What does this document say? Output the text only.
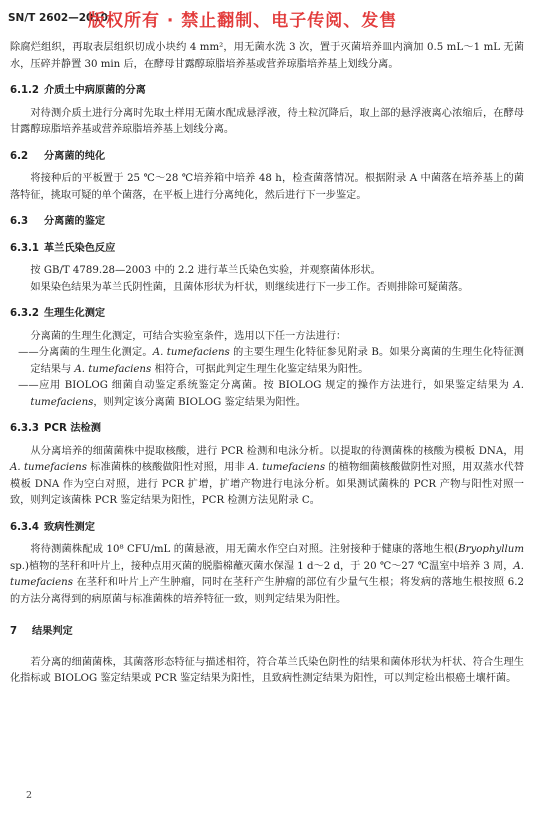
SN/T 2602—2010
版权所有 · 禁止翻制、电子传阅、发售

除腐烂组织，再取表层组织切成小块约 4 mm²，用无菌水洗 3 次，置于灭菌培养皿内滴加 0.5 mL～1 mL 无菌水，压碎并静置 30 min 后，在酵母甘露醇琼脂培养基或营养琼脂培养基上划线分离。

6.1.2 介质土中病原菌的分离

对待测介质土进行分离时先取土样用无菌水配成悬浮液，待土粒沉降后，取上部的悬浮液离心浓缩后，在酵母甘露醇琼脂培养基或营养琼脂培养基上划线分离。

6.2 分离菌的纯化

将接种后的平板置于 25 ℃～28 ℃培养箱中培养 48 h，检查菌落情况。根据附录 A 中菌落在培养基上的菌落特征，挑取可疑的单个菌落，在平板上进行分离纯化，然后进行下一步鉴定。

6.3 分离菌的鉴定
6.3.1 革兰氏染色反应

按 GB/T 4789.28—2003 中的 2.2 进行革兰氏染色实验，并观察菌体形状。

如果染色结果为革兰氏阴性菌，且菌体形状为杆状，则继续进行下一步工作。否则排除可疑菌落。

6.3.2 生理生化测定

分离菌的生理生化测定，可结合实验室条件，选用以下任一方法进行：

——分离菌的生理生化测定。A. tumefaciens 的主要生理生化特征参见附录 B。如果分离菌的生理生化特征测定结果与 A. tumefaciens 相符合，可据此判定生理生化鉴定结果为阳性。

——应用 BIOLOG 细菌自动鉴定系统鉴定分离菌。按 BIOLOG 规定的操作方法进行，如果鉴定结果为 A. tumefaciens，则判定该分离菌 BIOLOG 鉴定结果为阳性。

6.3.3 PCR 法检测

从分离培养的细菌菌株中提取核酸，进行 PCR 检测和电泳分析。以提取的待测菌株的核酸为模板 DNA，用 A. tumefaciens 标准菌株的核酸做阳性对照，用非 A. tumefaciens 的植物细菌核酸做阴性对照，用双蒸水代替模板 DNA 作为空白对照，进行 PCR 扩增，扩增产物进行电泳分析。如果测试菌株的 PCR 产物与阳性对照一致，则判定该菌株 PCR 鉴定结果为阳性，PCR 检测方法见附录 C。

6.3.4 致病性测定

将待测菌株配成 10⁸ CFU/mL 的菌悬液，用无菌水作空白对照。注射接种于健康的落地生根(Bryophyllum sp.)植物的茎秆和叶片上，接种点用灭菌的脱脂棉蘸灭菌水保湿 1 d～2 d，于 20 ℃～27 ℃温室中培养 3 周，A. tumefaciens 在茎秆和叶片上产生肿瘤，同时在茎秆产生肿瘤的部位有少量气生根；将发病的落地生根按照 6.2 的方法分离得到的病原菌与标准菌株的培养特征一致，则判定结果为阳性。

7 结果判定

若分离的细菌菌株，其菌落形态特征与描述相符，符合革兰氏染色阴性的结果和菌体形状为杆状、符合生理生化指标或 BIOLOG 鉴定结果或 PCR 鉴定结果为阳性，且致病性测定结果为阳性，可以判定检出根癌土壤杆菌。

2
